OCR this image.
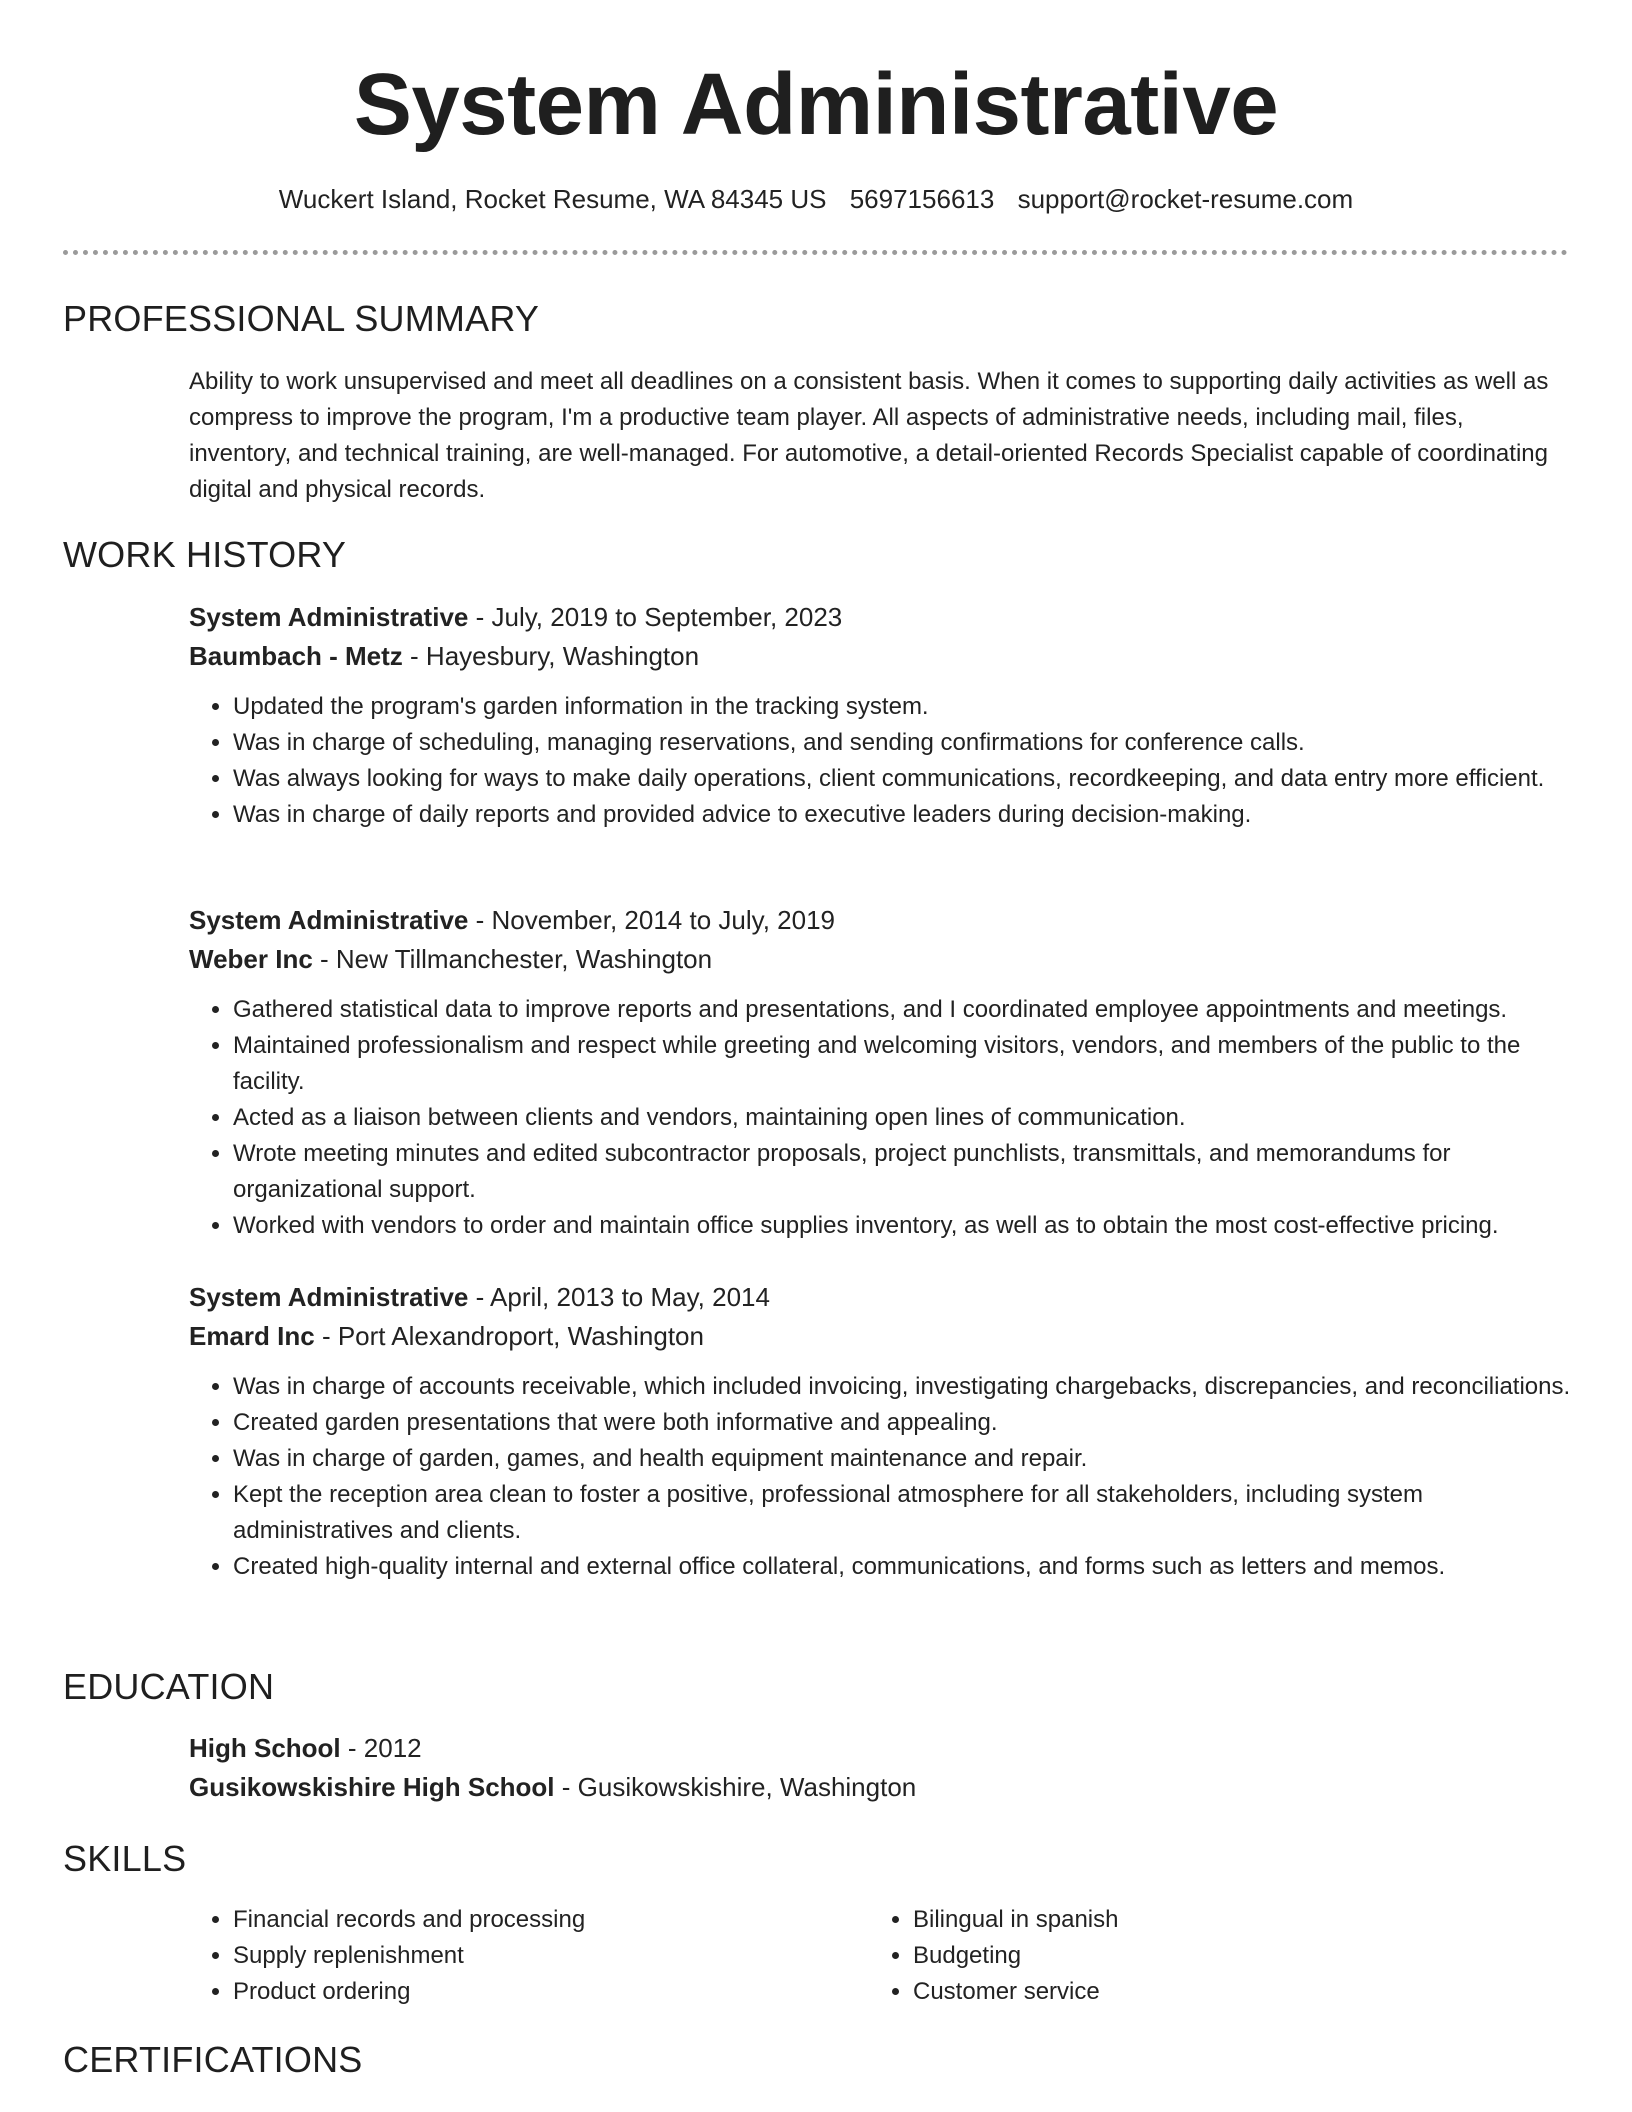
System Administrative
Wuckert Island, Rocket Resume, WA 84345 US 5697156613 support@rocket-resume.com
PROFESSIONAL SUMMARY

Ability to work unsupervised and meet all deadlines on a consistent basis. When it comes to supporting daily activities as well as compress to improve the program, I'm a productive team player. All aspects of administrative needs, including mail, files, inventory, and technical training, are well-managed. For automotive, a detail-oriented Records Specialist capable of coordinating digital and physical records.

WORK HISTORY
System Administrative - July, 2019 to September, 2023
Baumbach - Metz - Hayesbury, Washington
• Updated the program's garden information in the tracking system.
• Was in charge of scheduling, managing reservations, and sending confirmations for conference calls.
• Was always looking for ways to make daily operations, client communications, recordkeeping, and data entry more efficient.
• Was in charge of daily reports and provided advice to executive leaders during decision-making.
System Administrative - November, 2014 to July, 2019
Weber Inc - New Tillmanchester, Washington
• Gathered statistical data to improve reports and presentations, and I coordinated employee appointments and meetings.
• Maintained professionalism and respect while greeting and welcoming visitors, vendors, and members of the public to the facility.
• Acted as a liaison between clients and vendors, maintaining open lines of communication.
• Wrote meeting minutes and edited subcontractor proposals, project punchlists, transmittals, and memorandums for organizational support.
• Worked with vendors to order and maintain office supplies inventory, as well as to obtain the most cost-effective pricing.
System Administrative - April, 2013 to May, 2014
Emard Inc - Port Alexandroport, Washington
• Was in charge of accounts receivable, which included invoicing, investigating chargebacks, discrepancies, and reconciliations.
• Created garden presentations that were both informative and appealing.
• Was in charge of garden, games, and health equipment maintenance and repair.
• Kept the reception area clean to foster a positive, professional atmosphere for all stakeholders, including system administratives and clients.
• Created high-quality internal and external office collateral, communications, and forms such as letters and memos.
EDUCATION
High School - 2012
Gusikowskishire High School - Gusikowskishire, Washington
SKILLS
• Financial records and processing
• Supply replenishment
• Product ordering
• Bilingual in spanish
• Budgeting
• Customer service
CERTIFICATIONS
